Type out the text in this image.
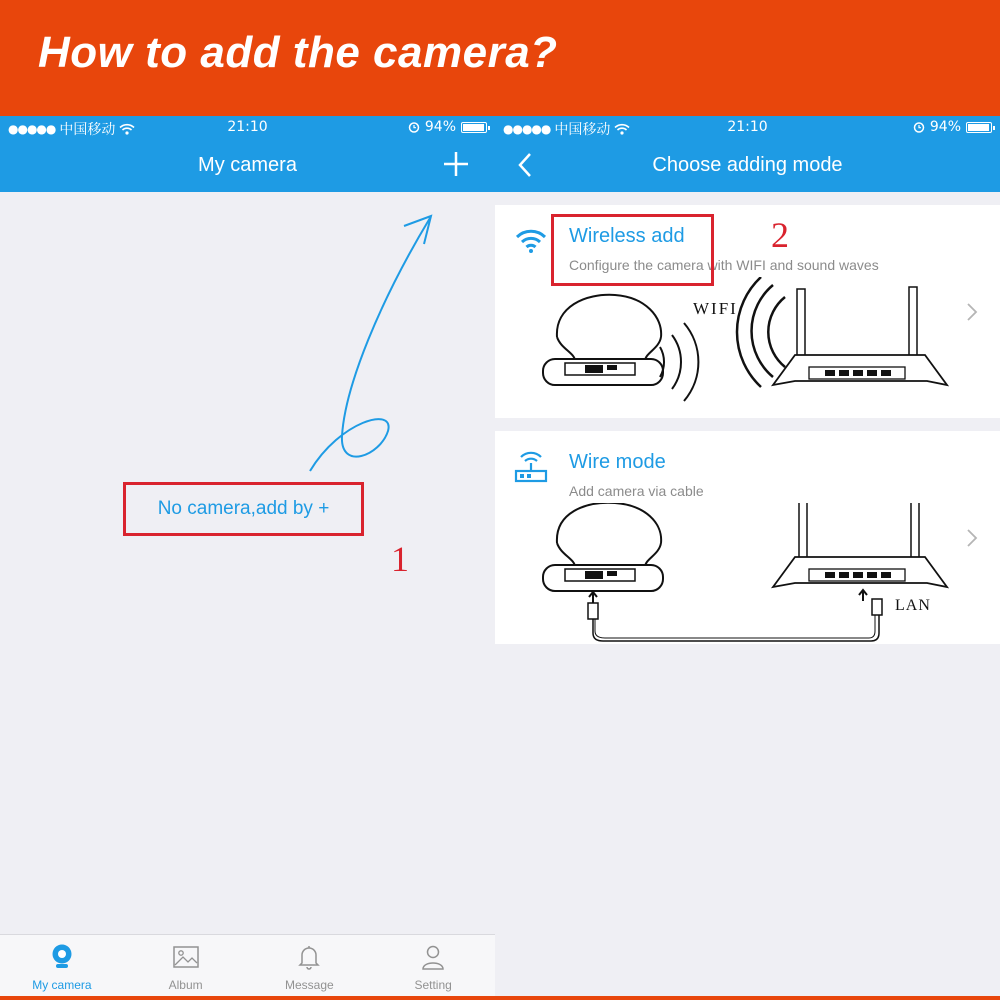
How to add the camera?
●●●●● 中国移动	21:10	94%
My camera
No camera,add by +
1
My camera	Album	Message	Setting
●●●●● 中国移动	21:10	94%
Choose adding mode
Wireless add
Configure the camera with WIFI and sound waves
WIFI
2
Wire mode
Add camera via cable
LAN
